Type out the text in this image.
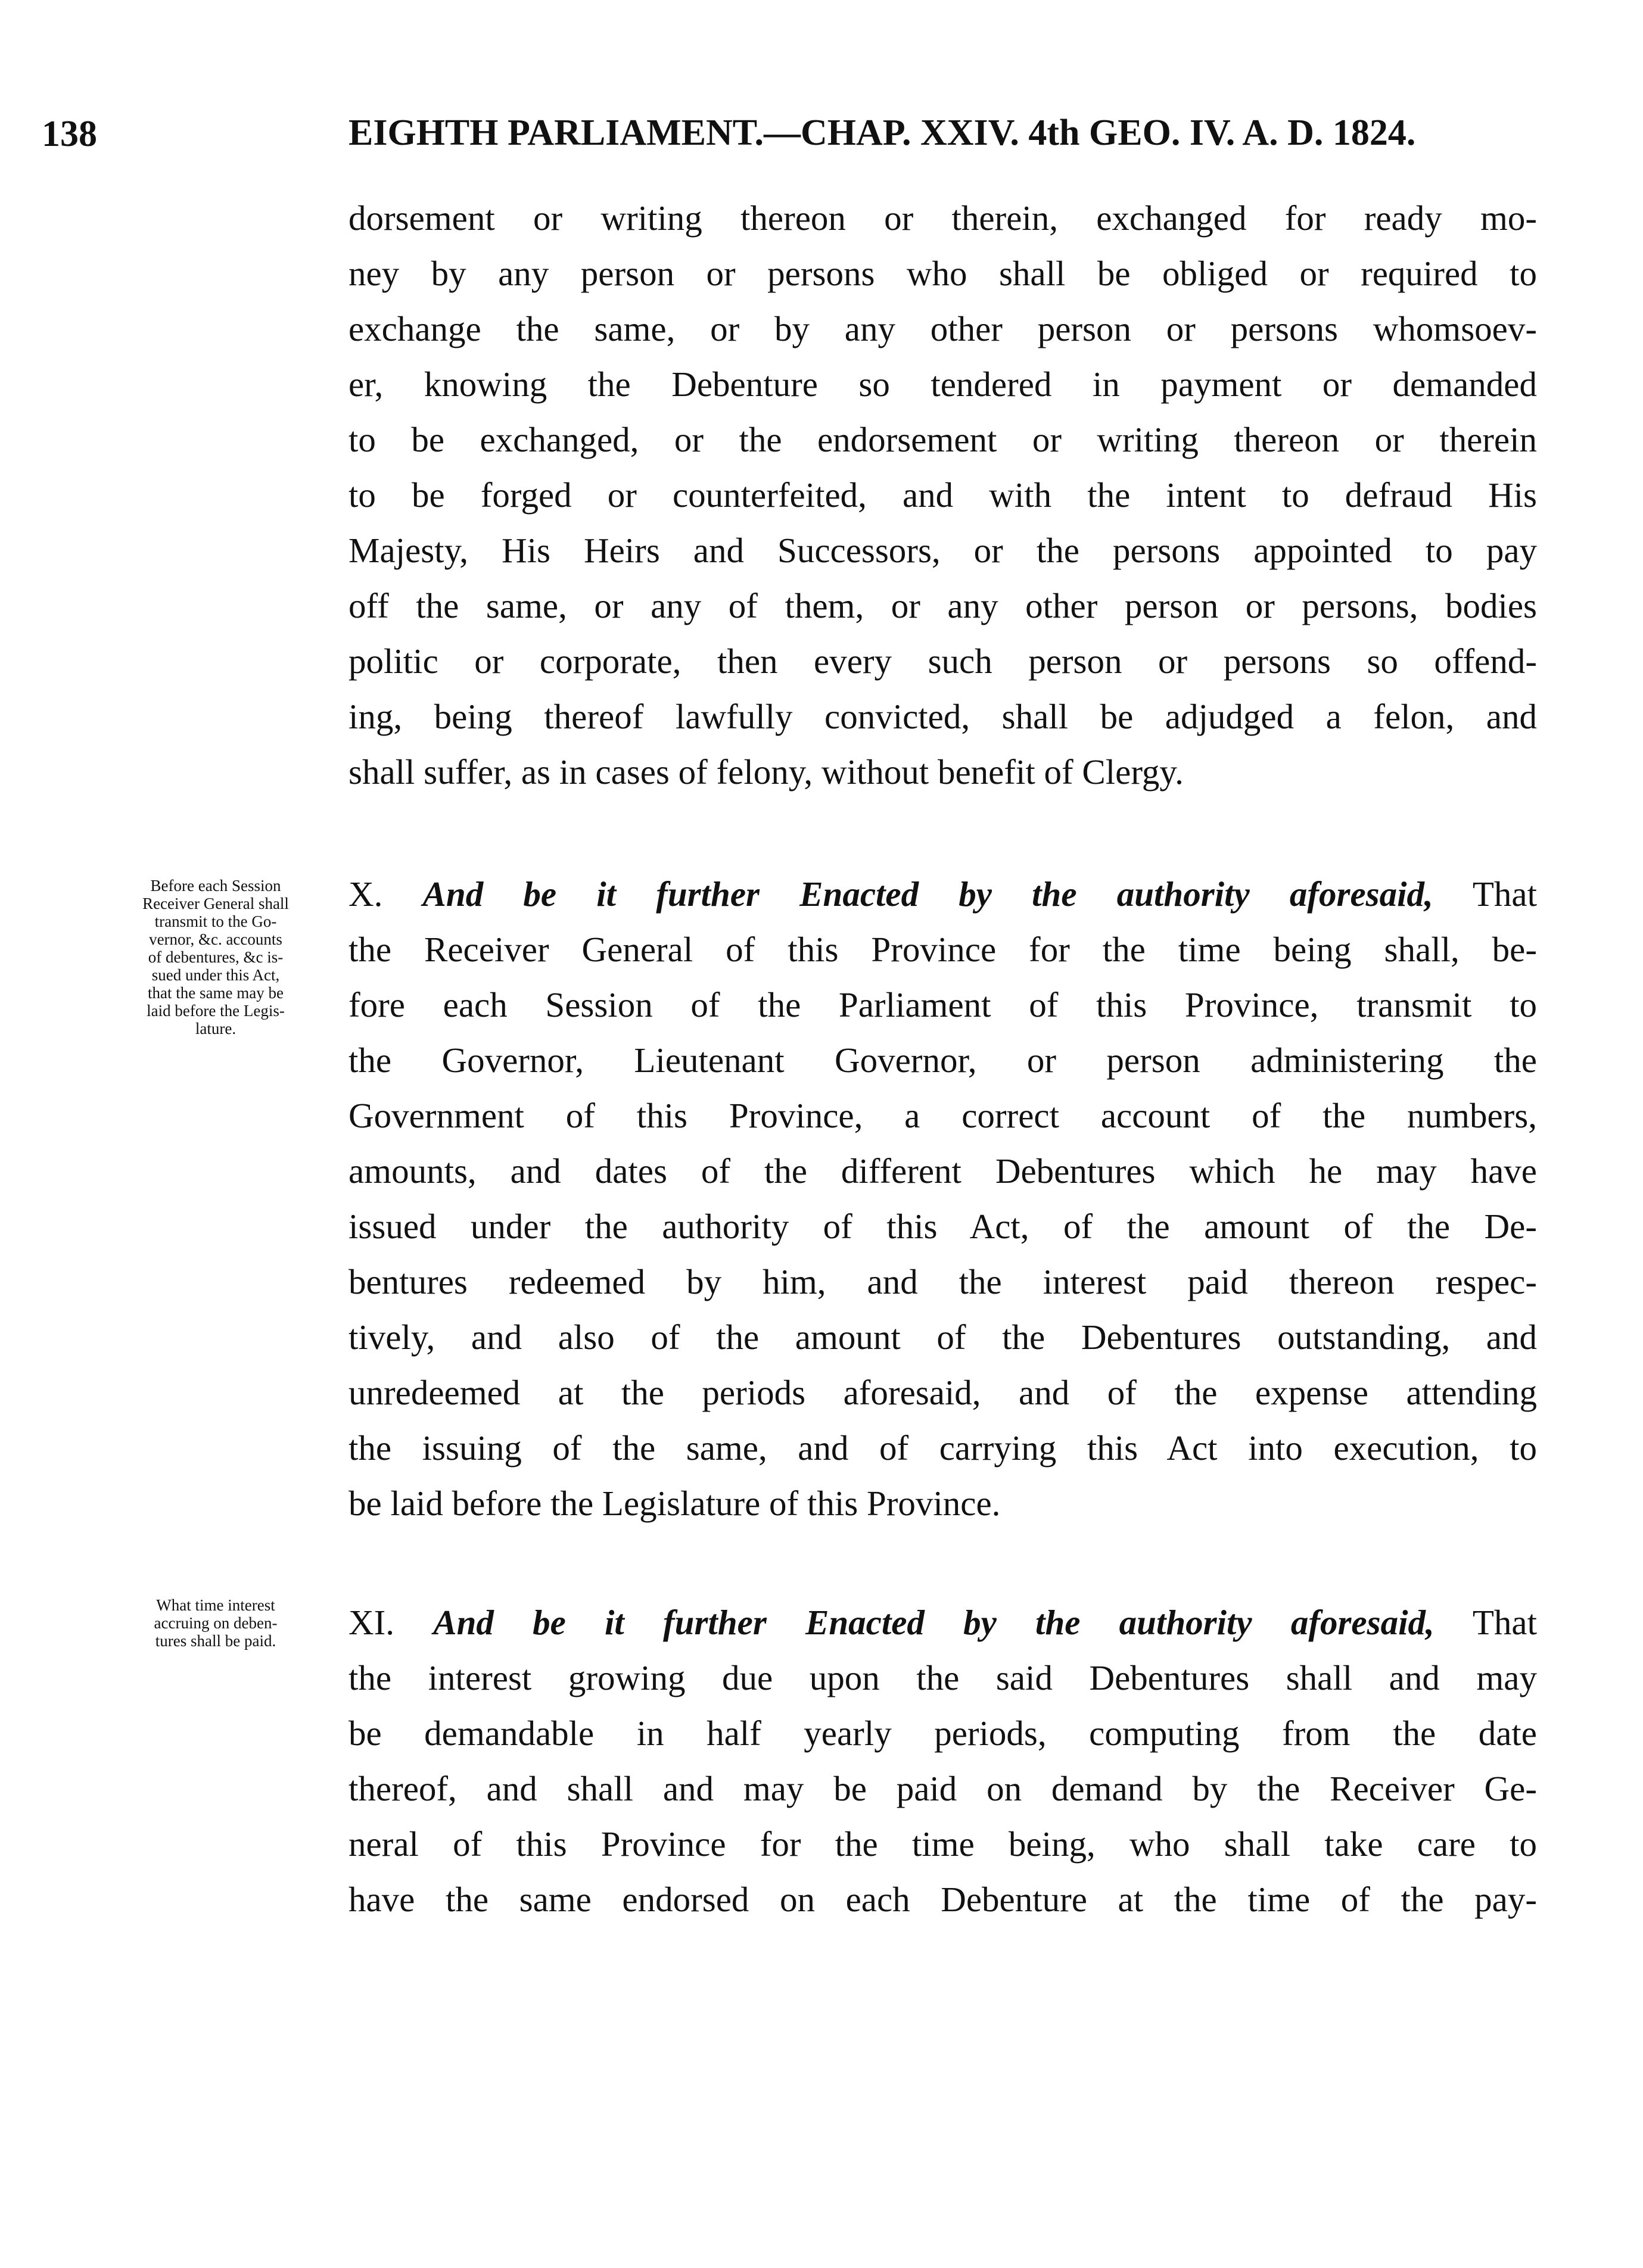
138	EIGHTH PARLIAMENT.—CHAP. XXIV. 4th GEO. IV. A. D. 1824.
dorsement or writing thereon or therein, exchanged for ready mo-
ney by any person or persons who shall be obliged or required to
exchange the same, or by any other person or persons whomsoev-
er, knowing the Debenture so tendered in payment or demanded
to be exchanged, or the endorsement or writing thereon or therein
to be forged or counterfeited, and with the intent to defraud His
Majesty, His Heirs and Successors, or the persons appointed to pay
off the same, or any of them, or any other person or persons, bodies
politic or corporate, then every such person or persons so offend-
ing, being thereof lawfully convicted, shall be adjudged a felon, and
shall suffer, as in cases of felony, without benefit of Clergy.
Before each Session
Receiver General shall
transmit to the Go-
vernor, &c. accounts
of debentures, &c is-
sued under this Act,
that the same may be
laid before the Legis-
lature.
X. And be it further Enacted by the authority aforesaid, That
the Receiver General of this Province for the time being shall, be-
fore each Session of the Parliament of this Province, transmit to
the Governor, Lieutenant Governor, or person administering the
Government of this Province, a correct account of the numbers,
amounts, and dates of the different Debentures which he may have
issued under the authority of this Act, of the amount of the De-
bentures redeemed by him, and the interest paid thereon respec-
tively, and also of the amount of the Debentures outstanding, and
unredeemed at the periods aforesaid, and of the expense attending
the issuing of the same, and of carrying this Act into execution, to
be laid before the Legislature of this Province.
What time interest
accruing on deben-
tures shall be paid.	XI. And be it further Enacted by the authority aforesaid, That
the interest growing due upon the said Debentures shall and may
be demandable in half yearly periods, computing from the date
thereof, and shall and may be paid on demand by the Receiver Ge-
neral of this Province for the time being, who shall take care to
have the same endorsed on each Debenture at the time of the pay-
